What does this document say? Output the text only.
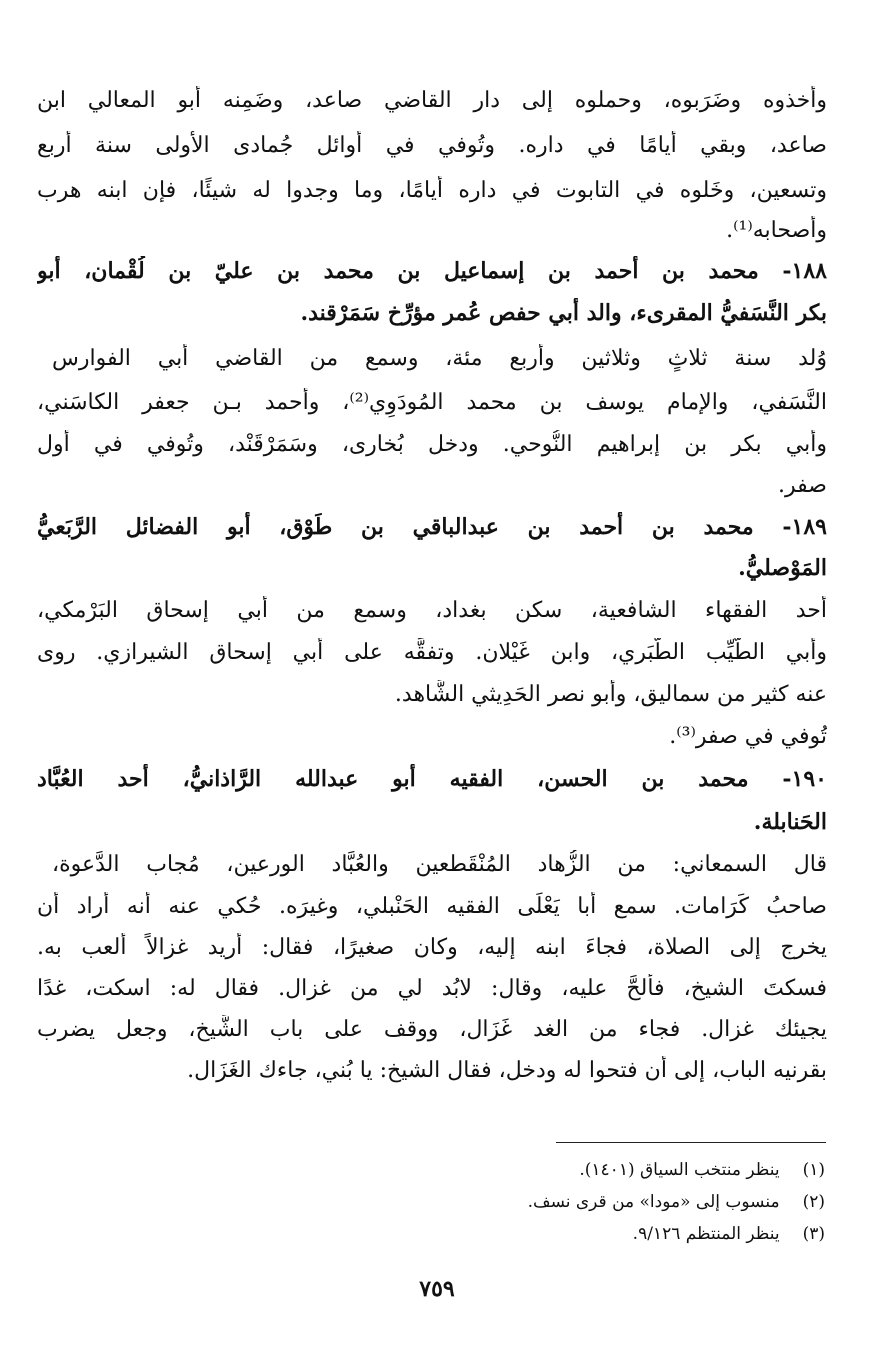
وأخذوه وضَرَبوه، وحملوه إلى دار القاضي صاعد، وضَمِنه أبو المعالي ابن
صاعد، وبقي أيامًا في داره. وتُوفي في أوائل جُمادى الأولى سنة أربع
وتسعين، وخَلوه في التابوت في داره أيامًا، وما وجدوا له شيئًا، فإن ابنه هرب
وأصحابه⁽¹⁾.
١٨٨- محمد بن أحمد بن إسماعيل بن محمد بن عليّ بن لُقْمان، أبو
بكر النَّسَفيُّ المقرىء، والد أبي حفص عُمر مؤرِّخ سَمَرْقند.
وُلد سنة ثلاثٍ وثلاثين وأربع مئة، وسمع من القاضي أبي الفوارس
النَّسَفي، والإمام يوسف بن محمد المُودَوِي⁽²⁾، وأحمد بـن جعفر الكاسَني،
وأبي بكر بن إبراهيم النُّوحي. ودخل بُخارى، وسَمَرْقَنْد، وتُوفي في أول
صفر.
١٨٩- محمد بن أحمد بن عبدالباقي بن طَوْق، أبو الفضائل الرَّبَعيُّ
المَوْصليُّ.
أحد الفقهاء الشافعية، سكن بغداد، وسمع من أبي إسحاق البَرْمكي،
وأبي الطَّيِّب الطَّبَري، وابن غَيْلان. وتفقَّه على أبي إسحاق الشيرازي. روى
عنه كثير من سماليق، وأبو نصر الحَدِيثي الشَّاهد.
تُوفي في صفر⁽³⁾.
١٩٠- محمد بن الحسن، الفقيه أبو عبدالله الرَّاذانيُّ، أحد العُبَّاد
الحَنابلة.
قال السمعاني: من الزُّهاد المُنْقَطعين والعُبَّاد الورعين، مُجاب الدَّعوة،
صاحبُ كَرَامات. سمع أبا يَعْلَى الفقيه الحَنْبلي، وغيرَه. حُكي عنه أنه أراد أن
يخرج إلى الصلاة، فجاءَ ابنه إليه، وكان صغيرًا، فقال: أريد غزالاً ألعب به.
فسكتَ الشيخ، فألحَّ عليه، وقال: لابُد لي من غزال. فقال له: اسكت، غدًا
يجيئك غزال. فجاء من الغد غَزَال، ووقف على باب الشَّيخ، وجعل يضرب
بقرنيه الباب، إلى أن فتحوا له ودخل، فقال الشيخ: يا بُني، جاءك الغَزَال.
(١) ينظر منتخب السياق (١٤٠١).
(٢) منسوب إلى «مودا» من قرى نسف.
(٣) ينظر المنتظم ٩/١٢٦.
٧٥٩
